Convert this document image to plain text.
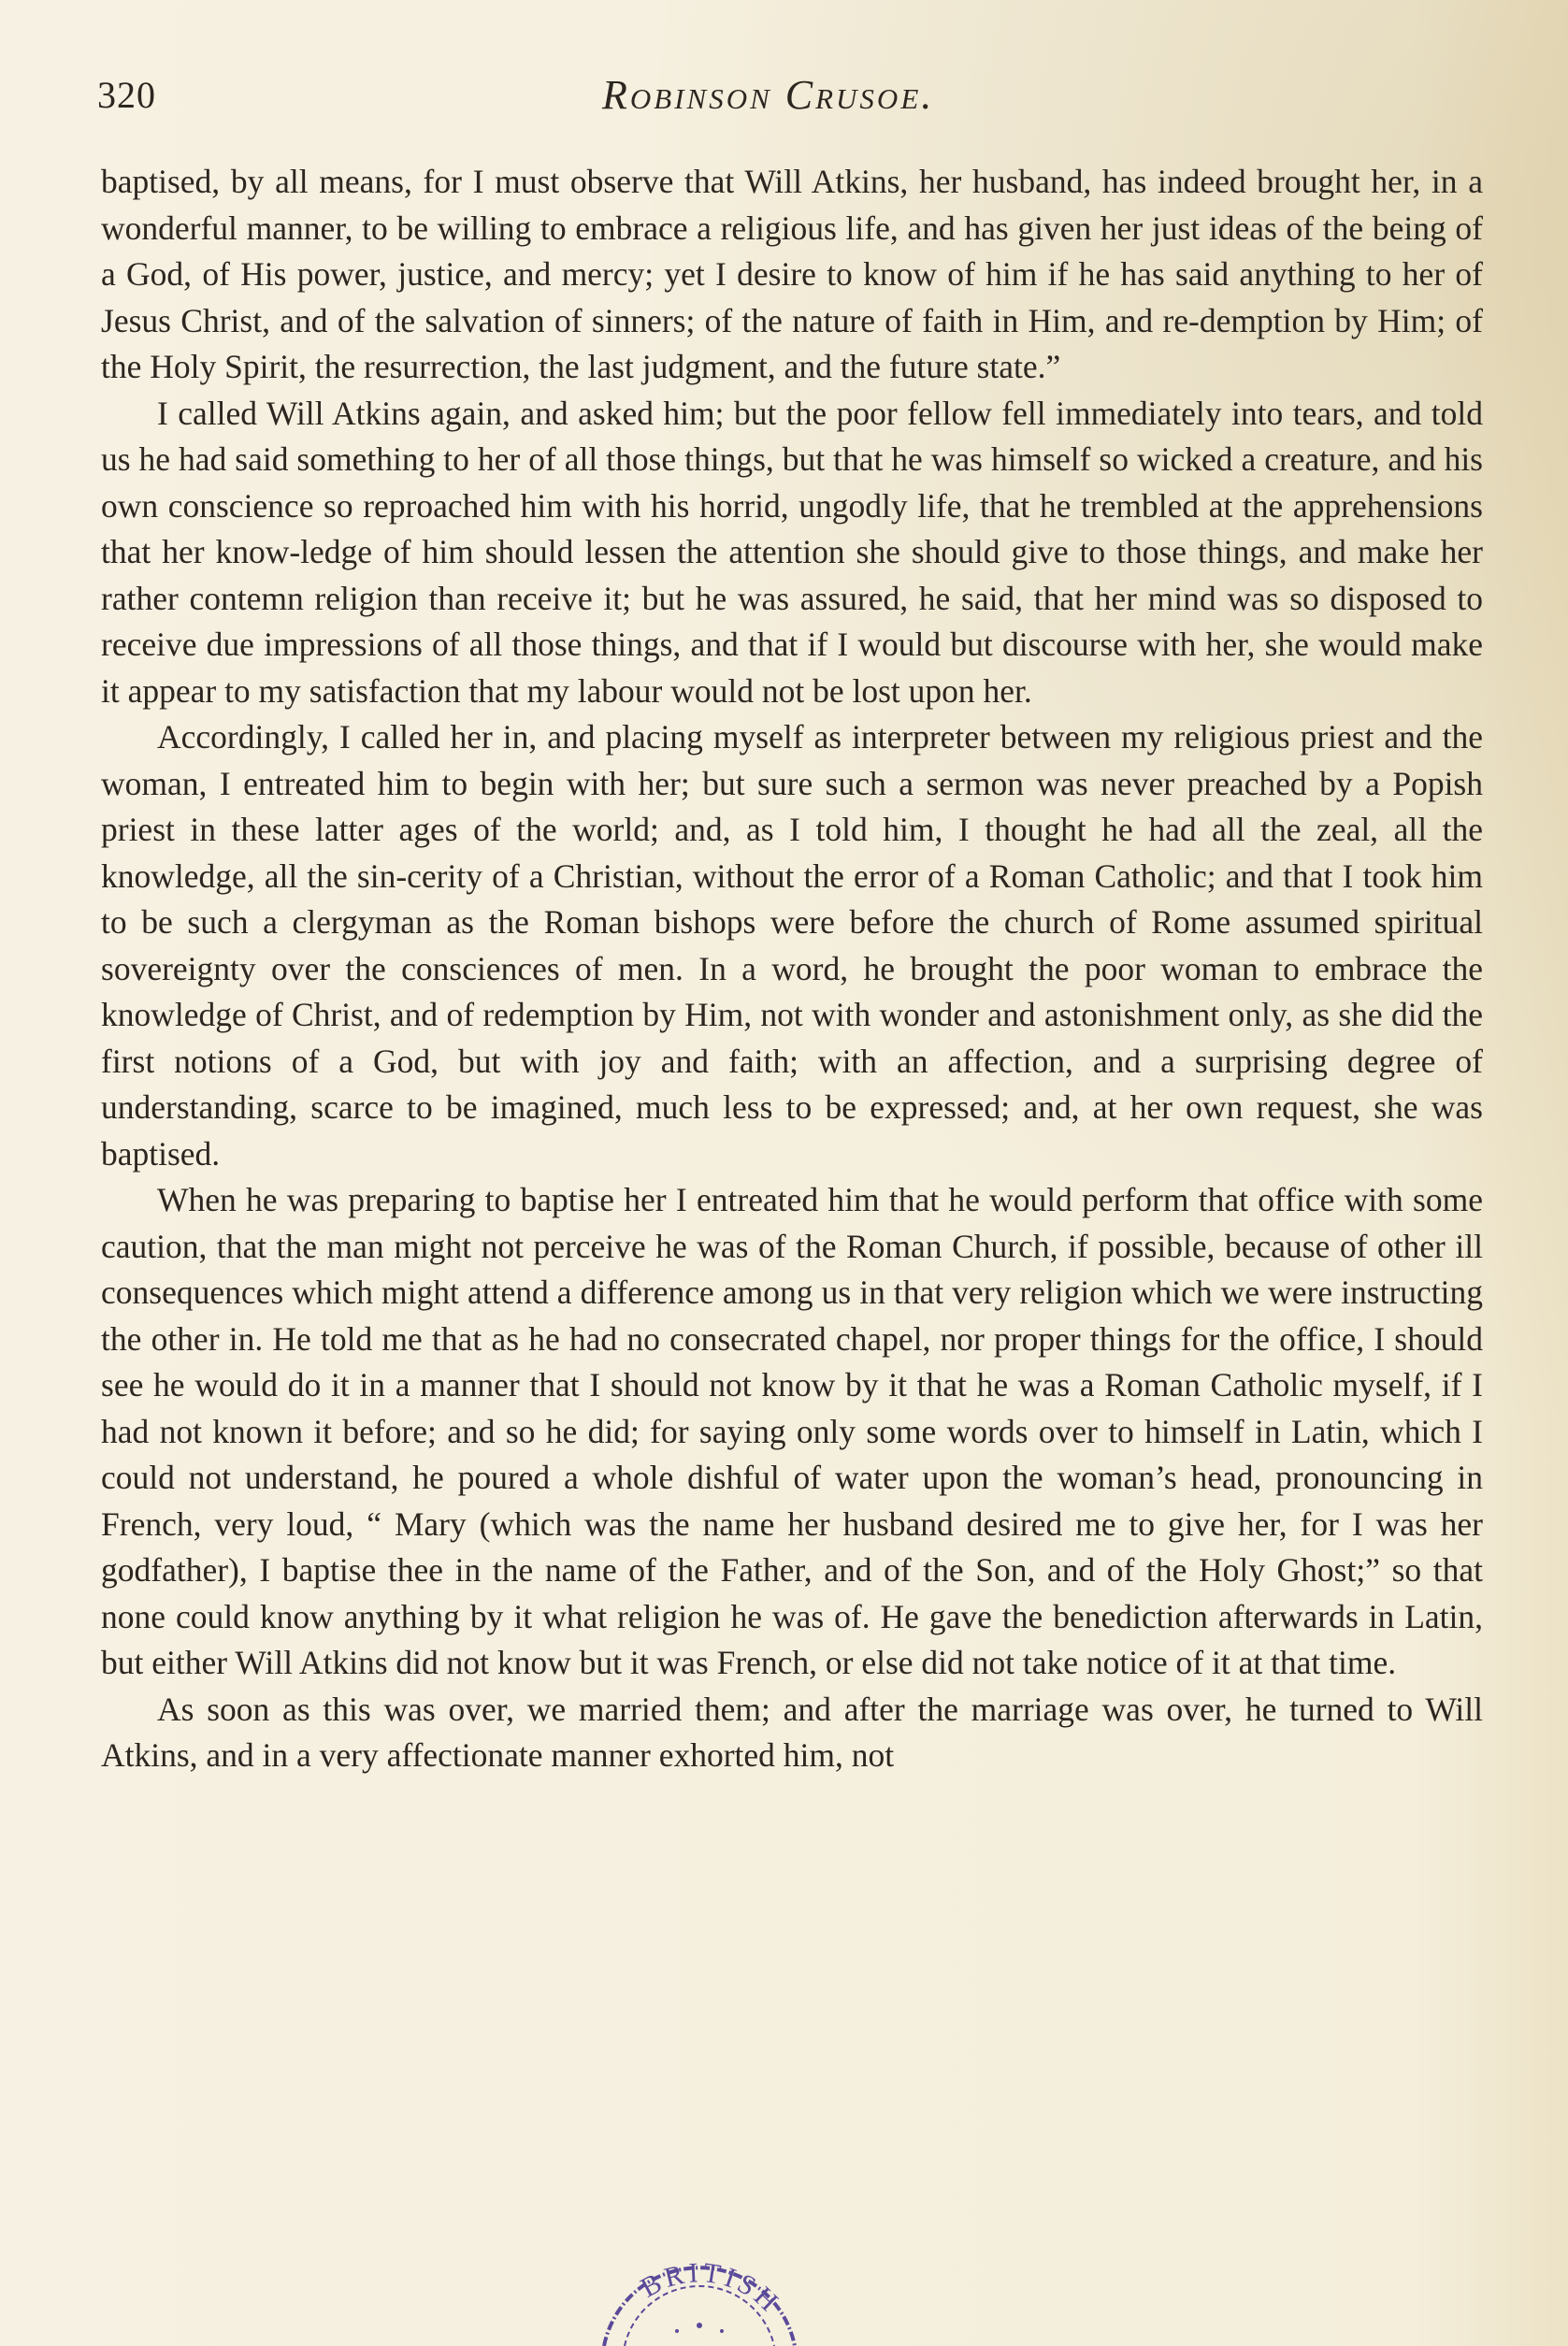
320	Robinson Crusoe.

baptised, by all means, for I must observe that Will Atkins, her husband, has indeed brought her, in a wonderful manner, to be willing to embrace a religious life, and has given her just ideas of the being of a God, of His power, justice, and mercy; yet I desire to know of him if he has said anything to her of Jesus Christ, and of the salvation of sinners; of the nature of faith in Him, and re-demption by Him; of the Holy Spirit, the resurrection, the last judgment, and the future state.”

I called Will Atkins again, and asked him; but the poor fellow fell immediately into tears, and told us he had said something to her of all those things, but that he was himself so wicked a creature, and his own conscience so reproached him with his horrid, ungodly life, that he trembled at the apprehensions that her know-ledge of him should lessen the attention she should give to those things, and make her rather contemn religion than receive it; but he was assured, he said, that her mind was so disposed to receive due impressions of all those things, and that if I would but discourse with her, she would make it appear to my satisfaction that my labour would not be lost upon her.

Accordingly, I called her in, and placing myself as interpreter between my religious priest and the woman, I entreated him to begin with her; but sure such a sermon was never preached by a Popish priest in these latter ages of the world; and, as I told him, I thought he had all the zeal, all the knowledge, all the sin-cerity of a Christian, without the error of a Roman Catholic; and that I took him to be such a clergyman as the Roman bishops were before the church of Rome assumed spiritual sovereignty over the consciences of men. In a word, he brought the poor woman to embrace the knowledge of Christ, and of redemption by Him, not with wonder and astonishment only, as she did the first notions of a God, but with joy and faith; with an affection, and a surprising degree of understanding, scarce to be imagined, much less to be expressed; and, at her own request, she was baptised.

When he was preparing to baptise her I entreated him that he would perform that office with some caution, that the man might not perceive he was of the Roman Church, if possible, because of other ill consequences which might attend a difference among us in that very religion which we were instructing the other in. He told me that as he had no consecrated chapel, nor proper things for the office, I should see he would do it in a manner that I should not know by it that he was a Roman Catholic myself, if I had not known it before; and so he did; for saying only some words over to himself in Latin, which I could not understand, he poured a whole dishful of water upon the woman’s head, pronouncing in French, very loud, “ Mary (which was the name her husband desired me to give her, for I was her godfather), I baptise thee in the name of the Father, and of the Son, and of the Holy Ghost;” so that none could know anything by it what religion he was of. He gave the benediction afterwards in Latin, but either Will Atkins did not know but it was French, or else did not take notice of it at that time.

As soon as this was over, we married them; and after the marriage was over, he turned to Will Atkins, and in a very affectionate manner exhorted him, not

BRITISH
